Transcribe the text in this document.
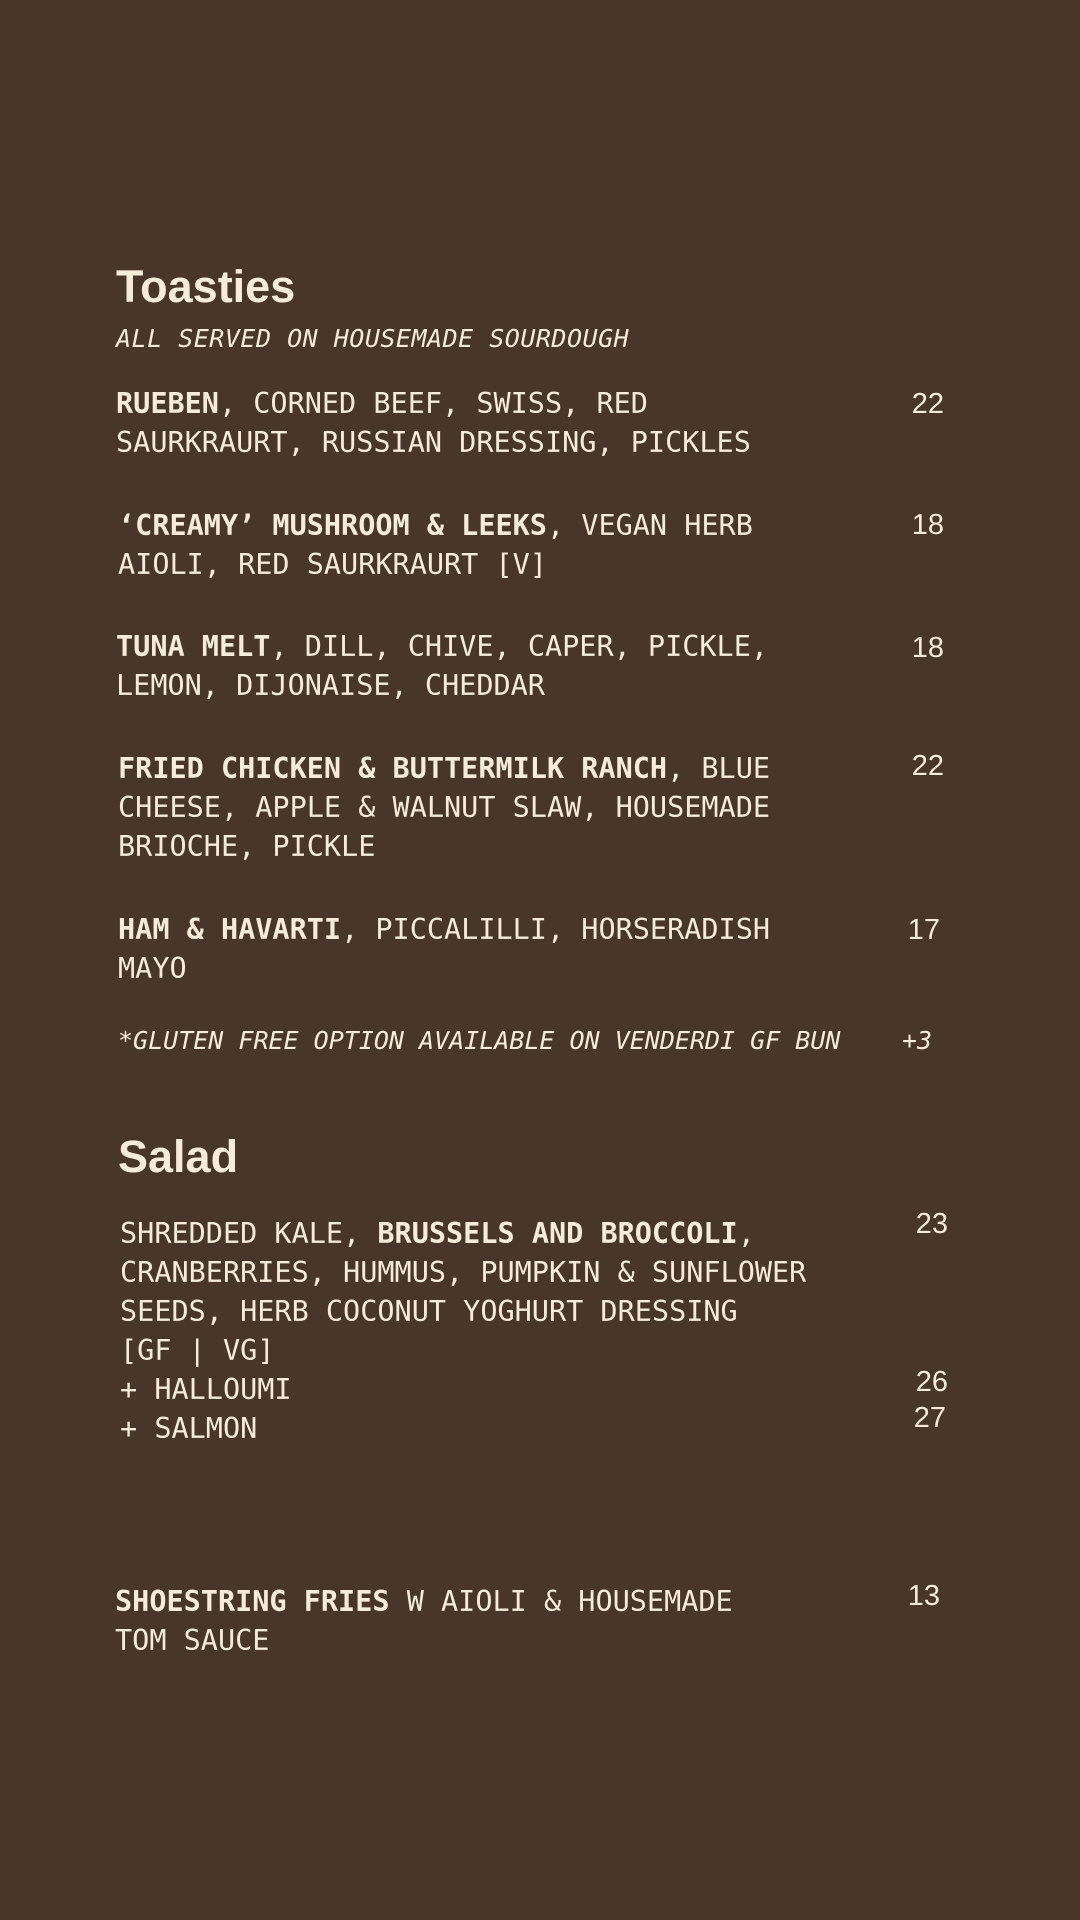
Toasties
ALL SERVED ON HOUSEMADE SOURDOUGH
RUEBEN, CORNED BEEF, SWISS, RED SAURKRAURT, RUSSIAN DRESSING, PICKLES
22
‘CREAMY’ MUSHROOM & LEEKS, VEGAN HERB AIOLI, RED SAURKRAURT [V]
18
TUNA MELT, DILL, CHIVE, CAPER, PICKLE, LEMON, DIJONAISE, CHEDDAR
18
FRIED CHICKEN & BUTTERMILK RANCH, BLUE CHEESE, APPLE & WALNUT SLAW, HOUSEMADE BRIOCHE, PICKLE
22
HAM & HAVARTI, PICCALILLI, HORSERADISH MAYO
17
*GLUTEN FREE OPTION AVAILABLE ON VENDERDI GF BUN +3
Salad
SHREDDED KALE, BRUSSELS AND BROCCOLI, CRANBERRIES, HUMMUS, PUMPKIN & SUNFLOWER SEEDS, HERB COCONUT YOGHURT DRESSING
[GF | VG]
+ HALLOUMI
+ SALMON
23
26
27
SHOESTRING FRIES W AIOLI & HOUSEMADE TOM SAUCE
13
